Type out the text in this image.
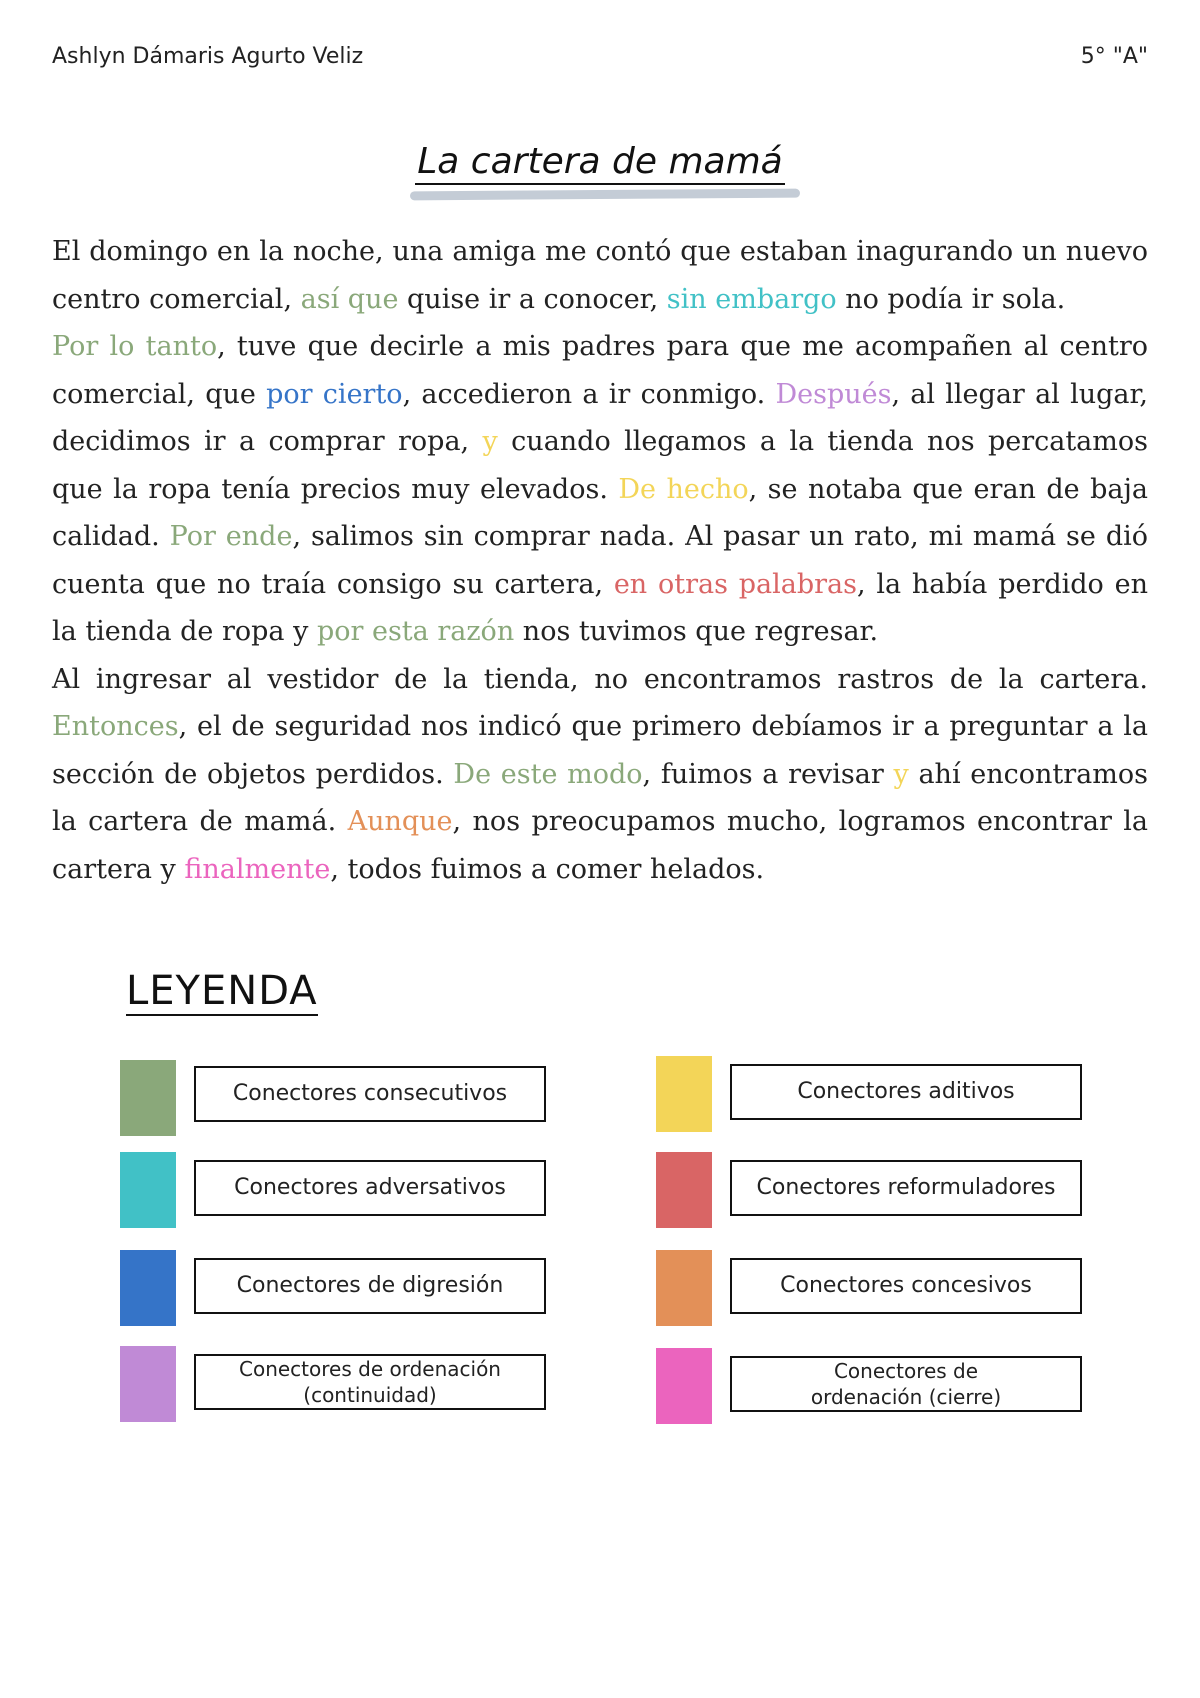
Ashlyn Dámaris Agurto Veliz	5° "A"
La cartera de mamá

El domingo en la noche, una amiga me contó que estaban inagurando un nuevo centro comercial, así que quise ir a conocer, sin embargo no podía ir sola.

Por lo tanto, tuve que decirle a mis padres para que me acompañen al centro comercial, que por cierto, accedieron a ir conmigo. Después, al llegar al lugar, decidimos ir a comprar ropa, y cuando llegamos a la tienda nos percatamos que la ropa tenía precios muy elevados. De hecho, se notaba que eran de baja calidad. Por ende, salimos sin comprar nada. Al pasar un rato, mi mamá se dió cuenta que no traía consigo su cartera, en otras palabras, la había perdido en la tienda de ropa y por esta razón nos tuvimos que regresar.

Al ingresar al vestidor de la tienda, no encontramos rastros de la cartera. Entonces, el de seguridad nos indicó que primero debíamos ir a preguntar a la sección de objetos perdidos. De este modo, fuimos a revisar y ahí encontramos la cartera de mamá. Aunque, nos preocupamos mucho, logramos encontrar la cartera y finalmente, todos fuimos a comer helados.

LEYENDA
Conectores consecutivos
Conectores adversativos
Conectores de digresión
Conectores de ordenación (continuidad)
Conectores aditivos
Conectores reformuladores
Conectores concesivos
Conectores de ordenación (cierre)
